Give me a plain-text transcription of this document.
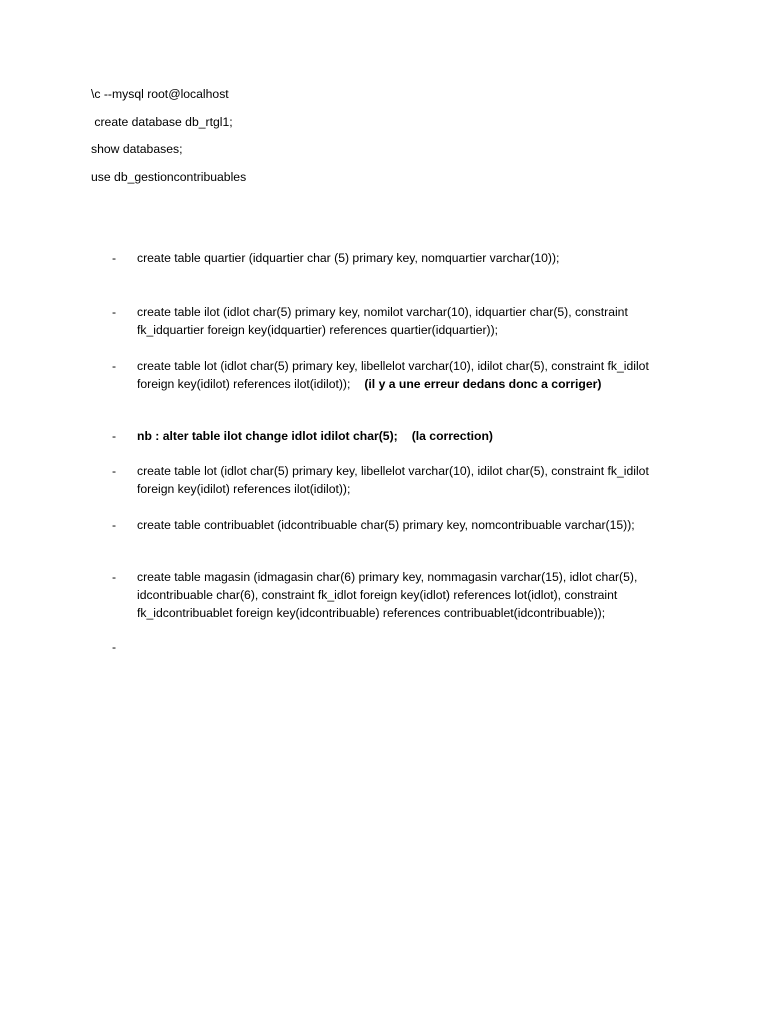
\c --mysql root@localhost
create database db_rtgl1;
show databases;
use db_gestioncontribuables
- create table quartier (idquartier char (5) primary key, nomquartier varchar(10));
- create table ilot (idlot char(5) primary key, nomilot varchar(10), idquartier char(5), constraint fk_idquartier foreign key(idquartier) references quartier(idquartier));
- create table lot (idlot char(5) primary key, libellelot varchar(10), idilot char(5), constraint fk_idilot foreign key(idilot) references ilot(idilot)); (il y a une erreur dedans donc a corriger)
- nb : alter table ilot change idlot idilot char(5); (la correction)
- create table lot (idlot char(5) primary key, libellelot varchar(10), idilot char(5), constraint fk_idilot foreign key(idilot) references ilot(idilot));
- create table contribuablet (idcontribuable char(5) primary key, nomcontribuable varchar(15));
- create table magasin (idmagasin char(6) primary key, nommagasin varchar(15), idlot char(5), idcontribuable char(6), constraint fk_idlot foreign key(idlot) references lot(idlot), constraint fk_idcontribuablet foreign key(idcontribuable) references contribuablet(idcontribuable));
-
